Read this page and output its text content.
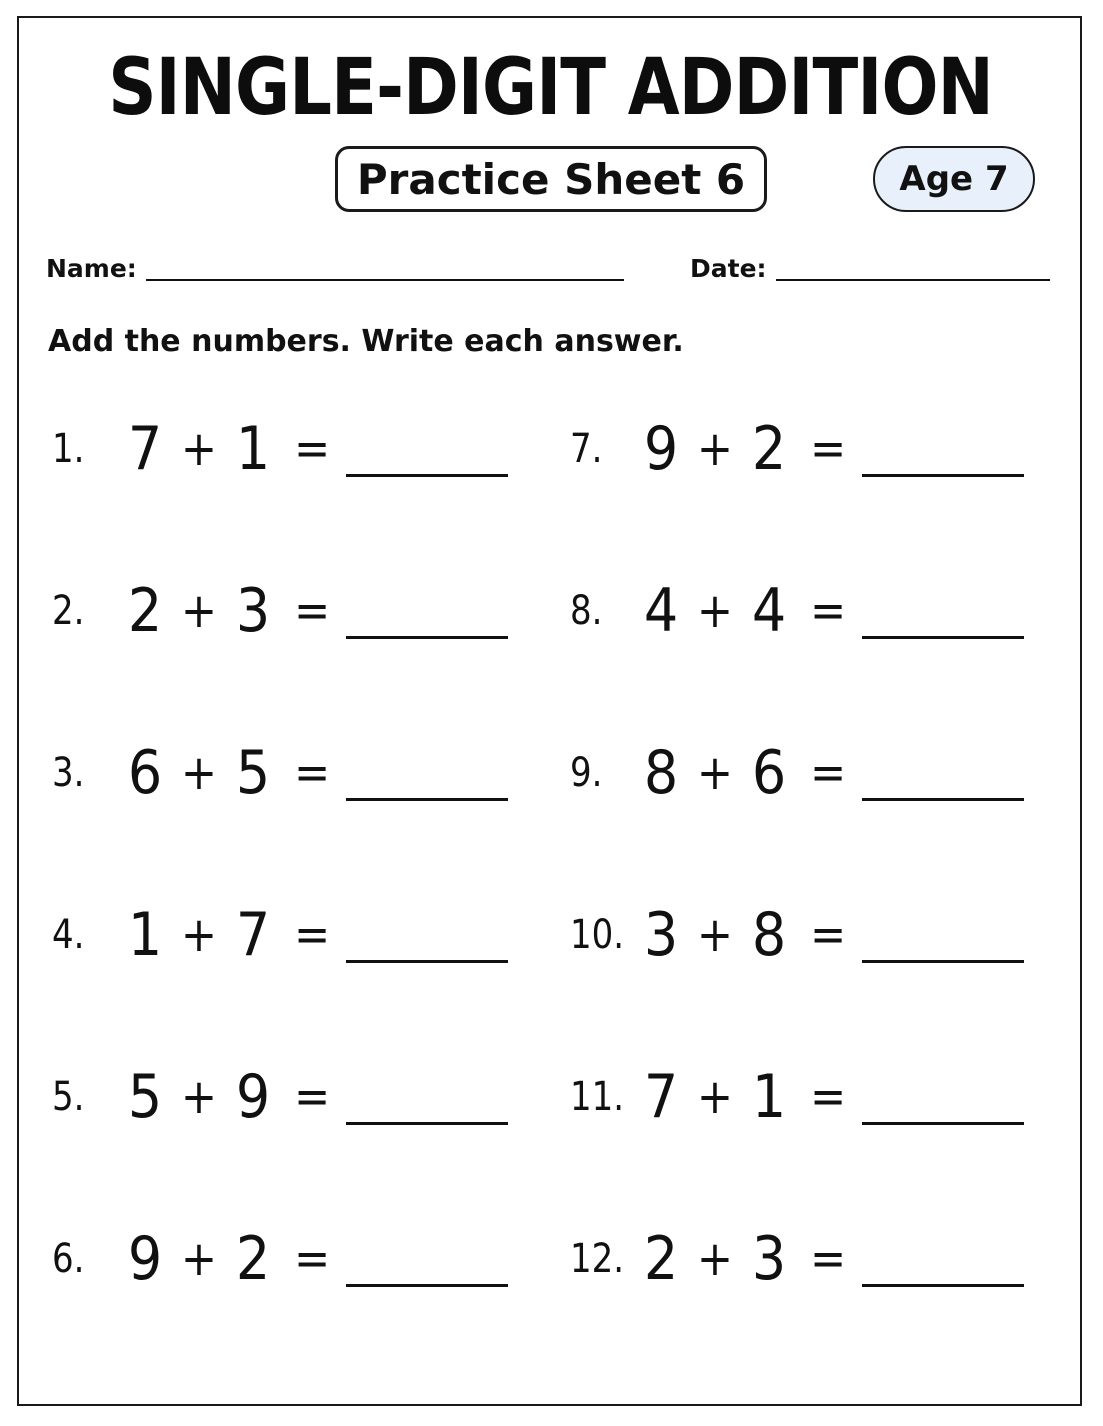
SINGLE-DIGIT ADDITION
Practice Sheet 6	Age 7
Name:	Date:
Add the numbers. Write each answer.
1. 7 + 1 =
2. 2 + 3 =
3. 6 + 5 =
4. 1 + 7 =
5. 5 + 9 =
6. 9 + 2 =
7. 9 + 2 =
8. 4 + 4 =
9. 8 + 6 =
10. 3 + 8 =
11. 7 + 1 =
12. 2 + 3 =
